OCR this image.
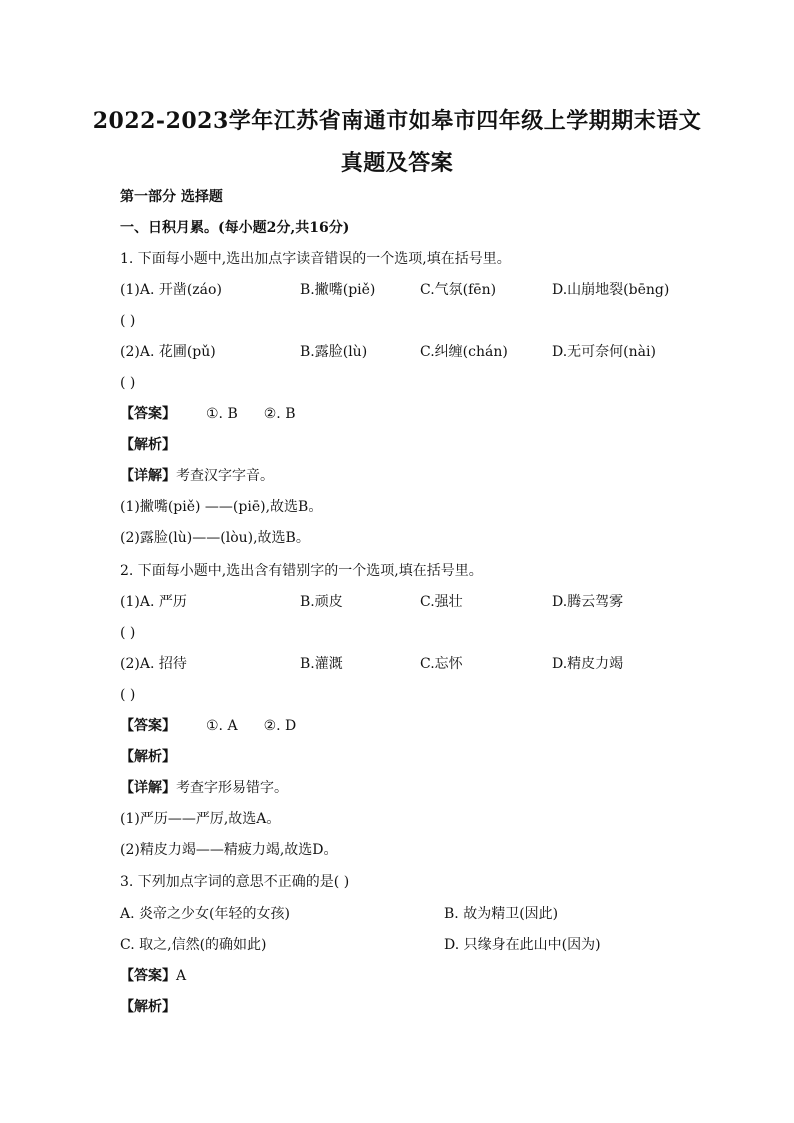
2022-2023学年江苏省南通市如皋市四年级上学期期末语文
真题及答案
第一部分 选择题
一、日积月累。(每小题2分,共16分)
1. 下面每小题中,选出加点字读音错误的一个选项,填在括号里。
(1)A. 开凿(záo)	B.撇嘴(piě)	C.气氛(fēn)	D.山崩地裂(bēng)
( )
(2)A. 花圃(pǔ)	B.露脸(lù)	C.纠缠(chán)	D.无可奈何(nài)
( )
【答案】 ①. B ②. B
【解析】
【详解】考查汉字字音。
(1)撇嘴(piě) ——(piē),故选B。
(2)露脸(lù)——(lòu),故选B。
2. 下面每小题中,选出含有错别字的一个选项,填在括号里。
(1)A. 严历	B.顽皮	C.强壮	D.腾云驾雾
( )
(2)A. 招待	B.灌溉	C.忘怀	D.精皮力竭
( )
【答案】 ①. A ②. D
【解析】
【详解】考查字形易错字。
(1)严历——严厉,故选A。
(2)精皮力竭——精疲力竭,故选D。
3. 下列加点字词的意思不正确的是( )
A. 炎帝之少女(年轻的女孩)	B. 故为精卫(因此)
C. 取之,信然(的确如此)	D. 只缘身在此山中(因为)
【答案】A
【解析】
